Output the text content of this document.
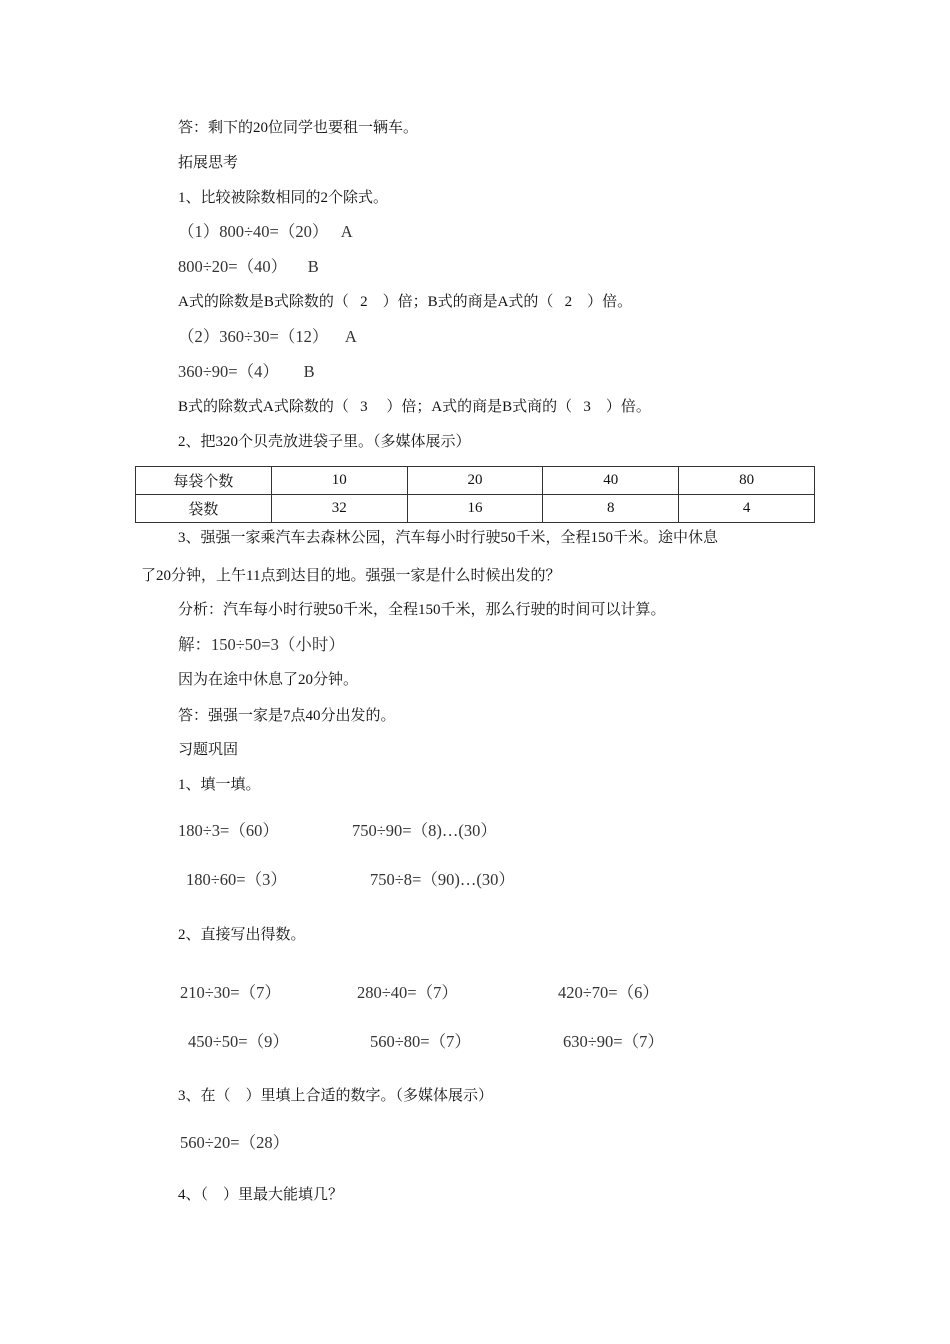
答：剩下的20位同学也要租一辆车。
拓展思考
1、比较被除数相同的2个除式。
（1）800÷40=（20）   A
800÷20=（40）     B
A式的除数是B式除数的（   2    ）倍；B式的商是A式的（   2    ）倍。
（2）360÷30=（12）    A
360÷90=（4）      B
B式的除数式A式除数的（   3     ）倍；A式的商是B式商的（   3    ）倍。
2、把320个贝壳放进袋子里。（多媒体展示）
每袋个数	10	20	40	80
袋数	32	16	8	4
3、强强一家乘汽车去森林公园，汽车每小时行驶50千米，全程150千米。途中休息
了20分钟，上午11点到达目的地。强强一家是什么时候出发的？
分析：汽车每小时行驶50千米，全程150千米，那么行驶的时间可以计算。
解：150÷50=3（小时）
因为在途中休息了20分钟。
答：强强一家是7点40分出发的。
习题巩固
1、填一填。
180÷3=（60）	750÷90=（8)…(30）
180÷60=（3）	750÷8=（90)…(30）
2、直接写出得数。
210÷30=（7）	280÷40=（7）	420÷70=（6）
450÷50=（9）	560÷80=（7）	630÷90=（7）
3、在（    ）里填上合适的数字。（多媒体展示）
560÷20=（28）
4、（    ）里最大能填几？
